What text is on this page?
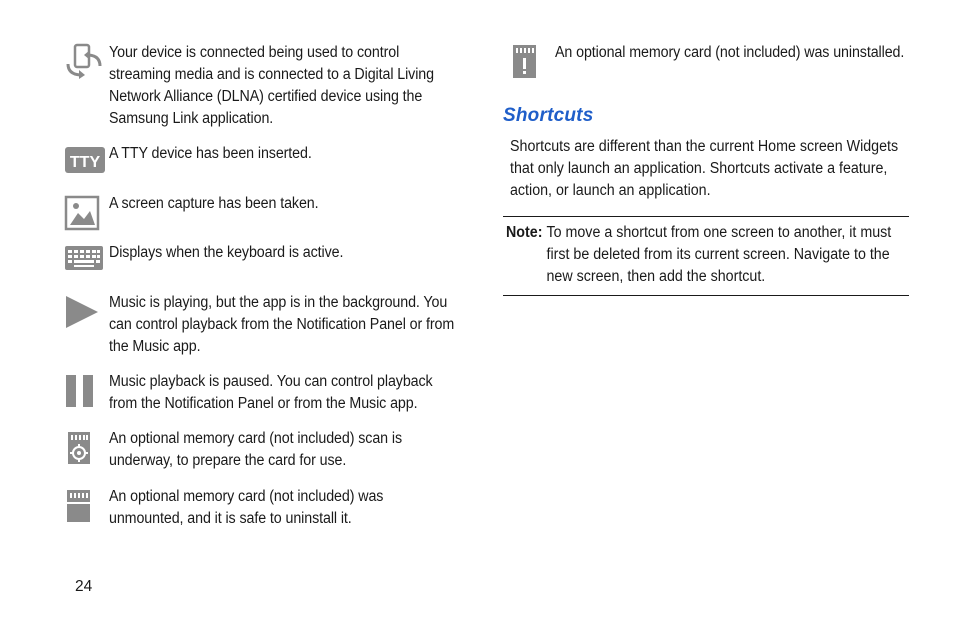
Your device is connected being used to control streaming media and is connected to a Digital Living Network Alliance (DLNA) certified device using the Samsung Link application.
TTY
A TTY device has been inserted.
A screen capture has been taken.
Displays when the keyboard is active.
Music is playing, but the app is in the background. You can control playback from the Notification Panel or from the Music app.
Music playback is paused. You can control playback from the Notification Panel or from the Music app.
An optional memory card (not included) scan is underway, to prepare the card for use.
An optional memory card (not included) was unmounted, and it is safe to uninstall it.
An optional memory card (not included) was uninstalled.
Shortcuts
Shortcuts are different than the current Home screen Widgets that only launch an application. Shortcuts activate a feature, action, or launch an application.
Note: To move a shortcut from one screen to another, it must first be deleted from its current screen. Navigate to the new screen, then add the shortcut.
24
